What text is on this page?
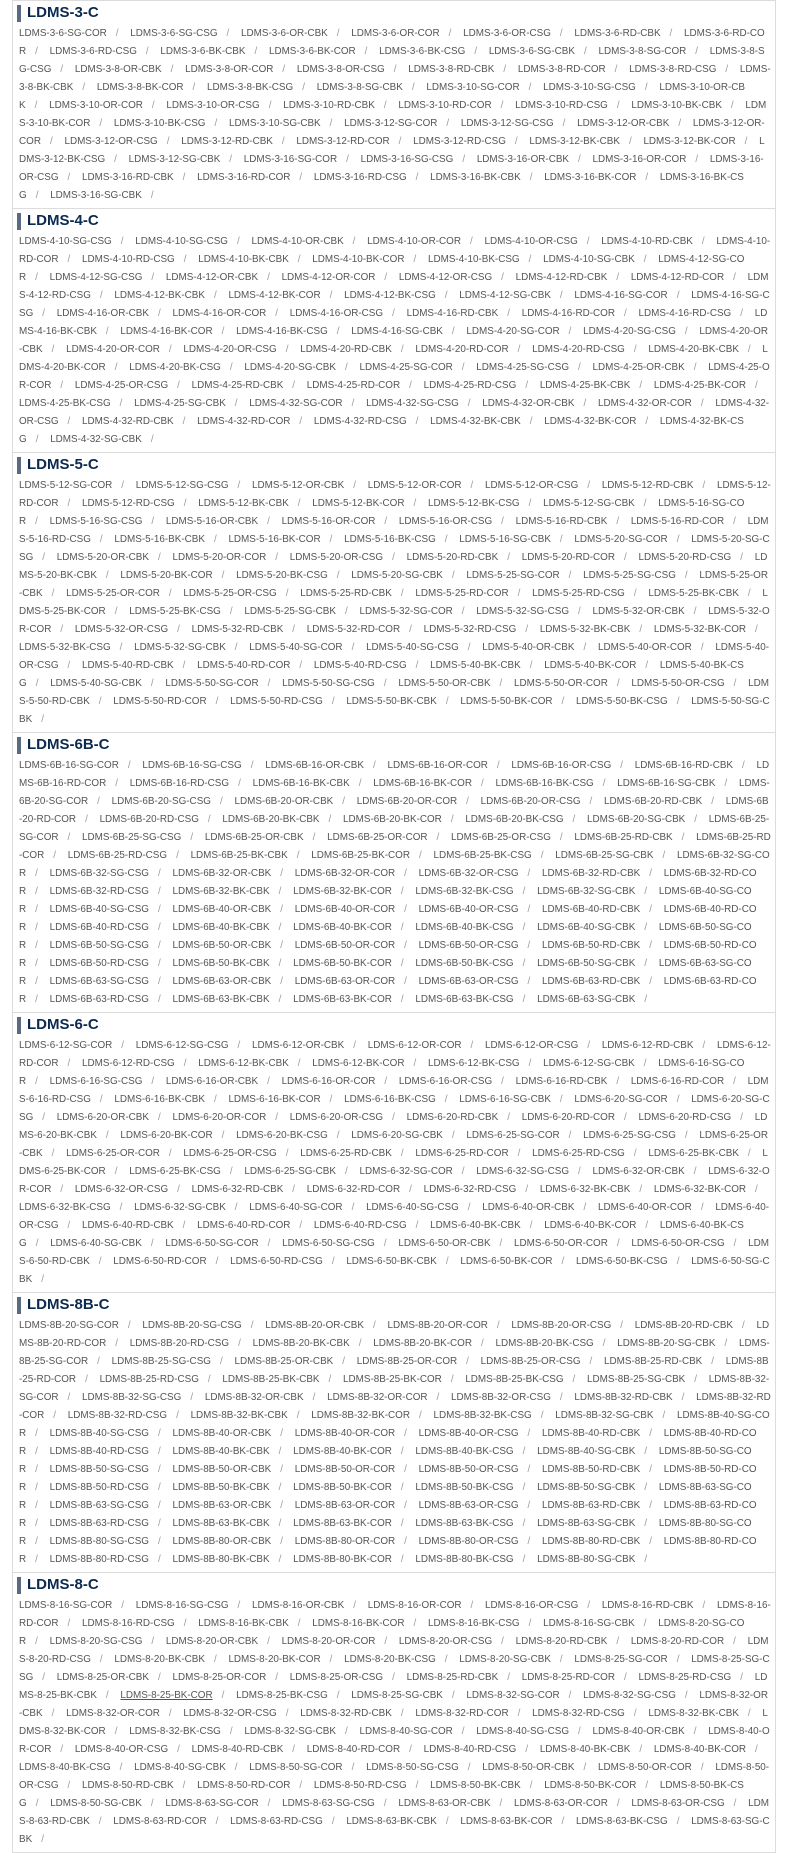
LDMS-3-C
LDMS-3-6-SG-COR / LDMS-3-6-SG-CSG / LDMS-3-6-OR-CBK / LDMS-3-6-OR-COR / LDMS-3-6-OR-CSG / LDMS-3-6-RD-CBK / LDMS-3-6-RD-COR / LDMS-3-6-RD-CSG / LDMS-3-6-BK-CBK / LDMS-3-6-BK-COR / LDMS-3-6-BK-CSG / LDMS-3-6-SG-CBK / LDMS-3-8-SG-COR / LDMS-3-8-SG-CSG / LDMS-3-8-OR-CBK / LDMS-3-8-OR-COR / LDMS-3-8-OR-CSG / LDMS-3-8-RD-CBK / LDMS-3-8-RD-COR / LDMS-3-8-RD-CSG / LDMS-3-8-BK-CBK / LDMS-3-8-BK-COR / LDMS-3-8-BK-CSG / LDMS-3-8-SG-CBK / LDMS-3-10-SG-COR / LDMS-3-10-SG-CSG / LDMS-3-10-OR-CBK / LDMS-3-10-OR-COR / LDMS-3-10-OR-CSG / LDMS-3-10-RD-CBK / LDMS-3-10-RD-COR / LDMS-3-10-RD-CSG / LDMS-3-10-BK-CBK / LDMS-3-10-BK-COR / LDMS-3-10-BK-CSG / LDMS-3-10-SG-CBK / LDMS-3-12-SG-COR / LDMS-3-12-SG-CSG / LDMS-3-12-OR-CBK / LDMS-3-12-OR-COR / LDMS-3-12-OR-CSG / LDMS-3-12-RD-CBK / LDMS-3-12-RD-COR / LDMS-3-12-RD-CSG / LDMS-3-12-BK-CBK / LDMS-3-12-BK-COR / LDMS-3-12-BK-CSG / LDMS-3-12-SG-CBK / LDMS-3-16-SG-COR / LDMS-3-16-SG-CSG / LDMS-3-16-OR-CBK / LDMS-3-16-OR-COR / LDMS-3-16-OR-CSG / LDMS-3-16-RD-CBK / LDMS-3-16-RD-COR / LDMS-3-16-RD-CSG / LDMS-3-16-BK-CBK / LDMS-3-16-BK-COR / LDMS-3-16-BK-CSG / LDMS-3-16-SG-CBK /
LDMS-4-C
LDMS-4-10-SG-CSG / LDMS-4-10-SG-CSG / LDMS-4-10-OR-CBK / LDMS-4-10-OR-COR / LDMS-4-10-OR-CSG / LDMS-4-10-RD-CBK / LDMS-4-10-RD-COR / LDMS-4-10-RD-CSG / LDMS-4-10-BK-CBK / LDMS-4-10-BK-COR / LDMS-4-10-BK-CSG / LDMS-4-10-SG-CBK / LDMS-4-12-SG-COR / LDMS-4-12-SG-CSG / LDMS-4-12-OR-CBK / LDMS-4-12-OR-COR / LDMS-4-12-OR-CSG / LDMS-4-12-RD-CBK / LDMS-4-12-RD-COR / LDMS-4-12-RD-CSG / LDMS-4-12-BK-CBK / LDMS-4-12-BK-COR / LDMS-4-12-BK-CSG / LDMS-4-12-SG-CBK / LDMS-4-16-SG-COR / LDMS-4-16-SG-CSG / LDMS-4-16-OR-CBK / LDMS-4-16-OR-COR / LDMS-4-16-OR-CSG / LDMS-4-16-RD-CBK / LDMS-4-16-RD-COR / LDMS-4-16-RD-CSG / LDMS-4-16-BK-CBK / LDMS-4-16-BK-COR / LDMS-4-16-BK-CSG / LDMS-4-16-SG-CBK / LDMS-4-20-SG-COR / LDMS-4-20-SG-CSG / LDMS-4-20-OR-CBK / LDMS-4-20-OR-COR / LDMS-4-20-OR-CSG / LDMS-4-20-RD-CBK / LDMS-4-20-RD-COR / LDMS-4-20-RD-CSG / LDMS-4-20-BK-CBK / LDMS-4-20-BK-COR / LDMS-4-20-BK-CSG / LDMS-4-20-SG-CBK / LDMS-4-25-SG-COR / LDMS-4-25-SG-CSG / LDMS-4-25-OR-CBK / LDMS-4-25-OR-COR / LDMS-4-25-OR-CSG / LDMS-4-25-RD-CBK / LDMS-4-25-RD-COR / LDMS-4-25-RD-CSG / LDMS-4-25-BK-CBK / LDMS-4-25-BK-COR / LDMS-4-25-BK-CSG / LDMS-4-25-SG-CBK / LDMS-4-32-SG-COR / LDMS-4-32-SG-CSG / LDMS-4-32-OR-CBK / LDMS-4-32-OR-COR / LDMS-4-32-OR-CSG / LDMS-4-32-RD-CBK / LDMS-4-32-RD-COR / LDMS-4-32-RD-CSG / LDMS-4-32-BK-CBK / LDMS-4-32-BK-COR / LDMS-4-32-BK-CSG / LDMS-4-32-SG-CBK /
LDMS-5-C
LDMS-5-12-SG-COR / LDMS-5-12-SG-CSG / LDMS-5-12-OR-CBK / LDMS-5-12-OR-COR / LDMS-5-12-OR-CSG / LDMS-5-12-RD-CBK / LDMS-5-12-RD-COR / LDMS-5-12-RD-CSG / LDMS-5-12-BK-CBK / LDMS-5-12-BK-COR / LDMS-5-12-BK-CSG / LDMS-5-12-SG-CBK / LDMS-5-16-SG-COR / LDMS-5-16-SG-CSG / LDMS-5-16-OR-CBK / LDMS-5-16-OR-COR / LDMS-5-16-OR-CSG / LDMS-5-16-RD-CBK / LDMS-5-16-RD-COR / LDMS-5-16-RD-CSG / LDMS-5-16-BK-CBK / LDMS-5-16-BK-COR / LDMS-5-16-BK-CSG / LDMS-5-16-SG-CBK / LDMS-5-20-SG-COR / LDMS-5-20-SG-CSG / LDMS-5-20-OR-CBK / LDMS-5-20-OR-COR / LDMS-5-20-OR-CSG / LDMS-5-20-RD-CBK / LDMS-5-20-RD-COR / LDMS-5-20-RD-CSG / LDMS-5-20-BK-CBK / LDMS-5-20-BK-COR / LDMS-5-20-BK-CSG / LDMS-5-20-SG-CBK / LDMS-5-25-SG-COR / LDMS-5-25-SG-CSG / LDMS-5-25-OR-CBK / LDMS-5-25-OR-COR / LDMS-5-25-OR-CSG / LDMS-5-25-RD-CBK / LDMS-5-25-RD-COR / LDMS-5-25-RD-CSG / LDMS-5-25-BK-CBK / LDMS-5-25-BK-COR / LDMS-5-25-BK-CSG / LDMS-5-25-SG-CBK / LDMS-5-32-SG-COR / LDMS-5-32-SG-CSG / LDMS-5-32-OR-CBK / LDMS-5-32-OR-COR / LDMS-5-32-OR-CSG / LDMS-5-32-RD-CBK / LDMS-5-32-RD-COR / LDMS-5-32-RD-CSG / LDMS-5-32-BK-CBK / LDMS-5-32-BK-COR / LDMS-5-32-BK-CSG / LDMS-5-32-SG-CBK / LDMS-5-40-SG-COR / LDMS-5-40-SG-CSG / LDMS-5-40-OR-CBK / LDMS-5-40-OR-COR / LDMS-5-40-OR-CSG / LDMS-5-40-RD-CBK / LDMS-5-40-RD-COR / LDMS-5-40-RD-CSG / LDMS-5-40-BK-CBK / LDMS-5-40-BK-COR / LDMS-5-40-BK-CSG / LDMS-5-40-SG-CBK / LDMS-5-50-SG-COR / LDMS-5-50-SG-CSG / LDMS-5-50-OR-CBK / LDMS-5-50-OR-COR / LDMS-5-50-OR-CSG / LDMS-5-50-RD-CBK / LDMS-5-50-RD-COR / LDMS-5-50-RD-CSG / LDMS-5-50-BK-CBK / LDMS-5-50-BK-COR / LDMS-5-50-BK-CSG / LDMS-5-50-SG-CBK /
LDMS-6B-C
LDMS-6B-16-SG-COR / LDMS-6B-16-SG-CSG / LDMS-6B-16-OR-CBK / LDMS-6B-16-OR-COR / LDMS-6B-16-OR-CSG / LDMS-6B-16-RD-CBK / LDMS-6B-16-RD-COR / LDMS-6B-16-RD-CSG / LDMS-6B-16-BK-CBK / LDMS-6B-16-BK-COR / LDMS-6B-16-BK-CSG / LDMS-6B-16-SG-CBK / LDMS-6B-20-SG-COR / LDMS-6B-20-SG-CSG / LDMS-6B-20-OR-CBK / LDMS-6B-20-OR-COR / LDMS-6B-20-OR-CSG / LDMS-6B-20-RD-CBK / LDMS-6B-20-RD-COR / LDMS-6B-20-RD-CSG / LDMS-6B-20-BK-CBK / LDMS-6B-20-BK-COR / LDMS-6B-20-BK-CSG / LDMS-6B-20-SG-CBK / LDMS-6B-25-SG-COR / LDMS-6B-25-SG-CSG / LDMS-6B-25-OR-CBK / LDMS-6B-25-OR-COR / LDMS-6B-25-OR-CSG / LDMS-6B-25-RD-CBK / LDMS-6B-25-RD-COR / LDMS-6B-25-RD-CSG / LDMS-6B-25-BK-CBK / LDMS-6B-25-BK-COR / LDMS-6B-25-BK-CSG / LDMS-6B-25-SG-CBK / LDMS-6B-32-SG-COR / LDMS-6B-32-SG-CSG / LDMS-6B-32-OR-CBK / LDMS-6B-32-OR-COR / LDMS-6B-32-OR-CSG / LDMS-6B-32-RD-CBK / LDMS-6B-32-RD-COR / LDMS-6B-32-RD-CSG / LDMS-6B-32-BK-CBK / LDMS-6B-32-BK-COR / LDMS-6B-32-BK-CSG / LDMS-6B-32-SG-CBK / LDMS-6B-40-SG-COR / LDMS-6B-40-SG-CSG / LDMS-6B-40-OR-CBK / LDMS-6B-40-OR-COR / LDMS-6B-40-OR-CSG / LDMS-6B-40-RD-CBK / LDMS-6B-40-RD-COR / LDMS-6B-40-RD-CSG / LDMS-6B-40-BK-CBK / LDMS-6B-40-BK-COR / LDMS-6B-40-BK-CSG / LDMS-6B-40-SG-CBK / LDMS-6B-50-SG-COR / LDMS-6B-50-SG-CSG / LDMS-6B-50-OR-CBK / LDMS-6B-50-OR-COR / LDMS-6B-50-OR-CSG / LDMS-6B-50-RD-CBK / LDMS-6B-50-RD-COR / LDMS-6B-50-RD-CSG / LDMS-6B-50-BK-CBK / LDMS-6B-50-BK-COR / LDMS-6B-50-BK-CSG / LDMS-6B-50-SG-CBK / LDMS-6B-63-SG-COR / LDMS-6B-63-SG-CSG / LDMS-6B-63-OR-CBK / LDMS-6B-63-OR-COR / LDMS-6B-63-OR-CSG / LDMS-6B-63-RD-CBK / LDMS-6B-63-RD-COR / LDMS-6B-63-RD-CSG / LDMS-6B-63-BK-CBK / LDMS-6B-63-BK-COR / LDMS-6B-63-BK-CSG / LDMS-6B-63-SG-CBK /
LDMS-6-C
LDMS-6-12-SG-COR / LDMS-6-12-SG-CSG / LDMS-6-12-OR-CBK / LDMS-6-12-OR-COR / LDMS-6-12-OR-CSG / LDMS-6-12-RD-CBK / LDMS-6-12-RD-COR / LDMS-6-12-RD-CSG / LDMS-6-12-BK-CBK / LDMS-6-12-BK-COR / LDMS-6-12-BK-CSG / LDMS-6-12-SG-CBK / LDMS-6-16-SG-COR / LDMS-6-16-SG-CSG / LDMS-6-16-OR-CBK / LDMS-6-16-OR-COR / LDMS-6-16-OR-CSG / LDMS-6-16-RD-CBK / LDMS-6-16-RD-COR / LDMS-6-16-RD-CSG / LDMS-6-16-BK-CBK / LDMS-6-16-BK-COR / LDMS-6-16-BK-CSG / LDMS-6-16-SG-CBK / LDMS-6-20-SG-COR / LDMS-6-20-SG-CSG / LDMS-6-20-OR-CBK / LDMS-6-20-OR-COR / LDMS-6-20-OR-CSG / LDMS-6-20-RD-CBK / LDMS-6-20-RD-COR / LDMS-6-20-RD-CSG / LDMS-6-20-BK-CBK / LDMS-6-20-BK-COR / LDMS-6-20-BK-CSG / LDMS-6-20-SG-CBK / LDMS-6-25-SG-COR / LDMS-6-25-SG-CSG / LDMS-6-25-OR-CBK / LDMS-6-25-OR-COR / LDMS-6-25-OR-CSG / LDMS-6-25-RD-CBK / LDMS-6-25-RD-COR / LDMS-6-25-RD-CSG / LDMS-6-25-BK-CBK / LDMS-6-25-BK-COR / LDMS-6-25-BK-CSG / LDMS-6-25-SG-CBK / LDMS-6-32-SG-COR / LDMS-6-32-SG-CSG / LDMS-6-32-OR-CBK / LDMS-6-32-OR-COR / LDMS-6-32-OR-CSG / LDMS-6-32-RD-CBK / LDMS-6-32-RD-COR / LDMS-6-32-RD-CSG / LDMS-6-32-BK-CBK / LDMS-6-32-BK-COR / LDMS-6-32-BK-CSG / LDMS-6-32-SG-CBK / LDMS-6-40-SG-COR / LDMS-6-40-SG-CSG / LDMS-6-40-OR-CBK / LDMS-6-40-OR-COR / LDMS-6-40-OR-CSG / LDMS-6-40-RD-CBK / LDMS-6-40-RD-COR / LDMS-6-40-RD-CSG / LDMS-6-40-BK-CBK / LDMS-6-40-BK-COR / LDMS-6-40-BK-CSG / LDMS-6-40-SG-CBK / LDMS-6-50-SG-COR / LDMS-6-50-SG-CSG / LDMS-6-50-OR-CBK / LDMS-6-50-OR-COR / LDMS-6-50-OR-CSG / LDMS-6-50-RD-CBK / LDMS-6-50-RD-COR / LDMS-6-50-RD-CSG / LDMS-6-50-BK-CBK / LDMS-6-50-BK-COR / LDMS-6-50-BK-CSG / LDMS-6-50-SG-CBK /
LDMS-8B-C
LDMS-8B-20-SG-COR / LDMS-8B-20-SG-CSG / LDMS-8B-20-OR-CBK / LDMS-8B-20-OR-COR / LDMS-8B-20-OR-CSG / LDMS-8B-20-RD-CBK / LDMS-8B-20-RD-COR / LDMS-8B-20-RD-CSG / LDMS-8B-20-BK-CBK / LDMS-8B-20-BK-COR / LDMS-8B-20-BK-CSG / LDMS-8B-20-SG-CBK / LDMS-8B-25-SG-COR / LDMS-8B-25-SG-CSG / LDMS-8B-25-OR-CBK / LDMS-8B-25-OR-COR / LDMS-8B-25-OR-CSG / LDMS-8B-25-RD-CBK / LDMS-8B-25-RD-COR / LDMS-8B-25-RD-CSG / LDMS-8B-25-BK-CBK / LDMS-8B-25-BK-COR / LDMS-8B-25-BK-CSG / LDMS-8B-25-SG-CBK / LDMS-8B-32-SG-COR / LDMS-8B-32-SG-CSG / LDMS-8B-32-OR-CBK / LDMS-8B-32-OR-COR / LDMS-8B-32-OR-CSG / LDMS-8B-32-RD-CBK / LDMS-8B-32-RD-COR / LDMS-8B-32-RD-CSG / LDMS-8B-32-BK-CBK / LDMS-8B-32-BK-COR / LDMS-8B-32-BK-CSG / LDMS-8B-32-SG-CBK / LDMS-8B-40-SG-COR / LDMS-8B-40-SG-CSG / LDMS-8B-40-OR-CBK / LDMS-8B-40-OR-COR / LDMS-8B-40-OR-CSG / LDMS-8B-40-RD-CBK / LDMS-8B-40-RD-COR / LDMS-8B-40-RD-CSG / LDMS-8B-40-BK-CBK / LDMS-8B-40-BK-COR / LDMS-8B-40-BK-CSG / LDMS-8B-40-SG-CBK / LDMS-8B-50-SG-COR / LDMS-8B-50-SG-CSG / LDMS-8B-50-OR-CBK / LDMS-8B-50-OR-COR / LDMS-8B-50-OR-CSG / LDMS-8B-50-RD-CBK / LDMS-8B-50-RD-COR / LDMS-8B-50-RD-CSG / LDMS-8B-50-BK-CBK / LDMS-8B-50-BK-COR / LDMS-8B-50-BK-CSG / LDMS-8B-50-SG-CBK / LDMS-8B-63-SG-COR / LDMS-8B-63-SG-CSG / LDMS-8B-63-OR-CBK / LDMS-8B-63-OR-COR / LDMS-8B-63-OR-CSG / LDMS-8B-63-RD-CBK / LDMS-8B-63-RD-COR / LDMS-8B-63-RD-CSG / LDMS-8B-63-BK-CBK / LDMS-8B-63-BK-COR / LDMS-8B-63-BK-CSG / LDMS-8B-63-SG-CBK / LDMS-8B-80-SG-COR / LDMS-8B-80-SG-CSG / LDMS-8B-80-OR-CBK / LDMS-8B-80-OR-COR / LDMS-8B-80-OR-CSG / LDMS-8B-80-RD-CBK / LDMS-8B-80-RD-COR / LDMS-8B-80-RD-CSG / LDMS-8B-80-BK-CBK / LDMS-8B-80-BK-COR / LDMS-8B-80-BK-CSG / LDMS-8B-80-SG-CBK /
LDMS-8-C
LDMS-8-16-SG-COR / LDMS-8-16-SG-CSG / LDMS-8-16-OR-CBK / LDMS-8-16-OR-COR / LDMS-8-16-OR-CSG / LDMS-8-16-RD-CBK / LDMS-8-16-RD-COR / LDMS-8-16-RD-CSG / LDMS-8-16-BK-CBK / LDMS-8-16-BK-COR / LDMS-8-16-BK-CSG / LDMS-8-16-SG-CBK / LDMS-8-20-SG-COR / LDMS-8-20-SG-CSG / LDMS-8-20-OR-CBK / LDMS-8-20-OR-COR / LDMS-8-20-OR-CSG / LDMS-8-20-RD-CBK / LDMS-8-20-RD-COR / LDMS-8-20-RD-CSG / LDMS-8-20-BK-CBK / LDMS-8-20-BK-COR / LDMS-8-20-BK-CSG / LDMS-8-20-SG-CBK / LDMS-8-25-SG-COR / LDMS-8-25-SG-CSG / LDMS-8-25-OR-CBK / LDMS-8-25-OR-COR / LDMS-8-25-OR-CSG / LDMS-8-25-RD-CBK / LDMS-8-25-RD-COR / LDMS-8-25-RD-CSG / LDMS-8-25-BK-CBK / LDMS-8-25-BK-COR / LDMS-8-25-BK-CSG / LDMS-8-25-SG-CBK / LDMS-8-32-SG-COR / LDMS-8-32-SG-CSG / LDMS-8-32-OR-CBK / LDMS-8-32-OR-COR / LDMS-8-32-OR-CSG / LDMS-8-32-RD-CBK / LDMS-8-32-RD-COR / LDMS-8-32-RD-CSG / LDMS-8-32-BK-CBK / LDMS-8-32-BK-COR / LDMS-8-32-BK-CSG / LDMS-8-32-SG-CBK / LDMS-8-40-SG-COR / LDMS-8-40-SG-CSG / LDMS-8-40-OR-CBK / LDMS-8-40-OR-COR / LDMS-8-40-OR-CSG / LDMS-8-40-RD-CBK / LDMS-8-40-RD-COR / LDMS-8-40-RD-CSG / LDMS-8-40-BK-CBK / LDMS-8-40-BK-COR / LDMS-8-40-BK-CSG / LDMS-8-40-SG-CBK / LDMS-8-50-SG-COR / LDMS-8-50-SG-CSG / LDMS-8-50-OR-CBK / LDMS-8-50-OR-COR / LDMS-8-50-OR-CSG / LDMS-8-50-RD-CBK / LDMS-8-50-RD-COR / LDMS-8-50-RD-CSG / LDMS-8-50-BK-CBK / LDMS-8-50-BK-COR / LDMS-8-50-BK-CSG / LDMS-8-50-SG-CBK / LDMS-8-63-SG-COR / LDMS-8-63-SG-CSG / LDMS-8-63-OR-CBK / LDMS-8-63-OR-COR / LDMS-8-63-OR-CSG / LDMS-8-63-RD-CBK / LDMS-8-63-RD-COR / LDMS-8-63-RD-CSG / LDMS-8-63-BK-CBK / LDMS-8-63-BK-COR / LDMS-8-63-BK-CSG / LDMS-8-63-SG-CBK /
